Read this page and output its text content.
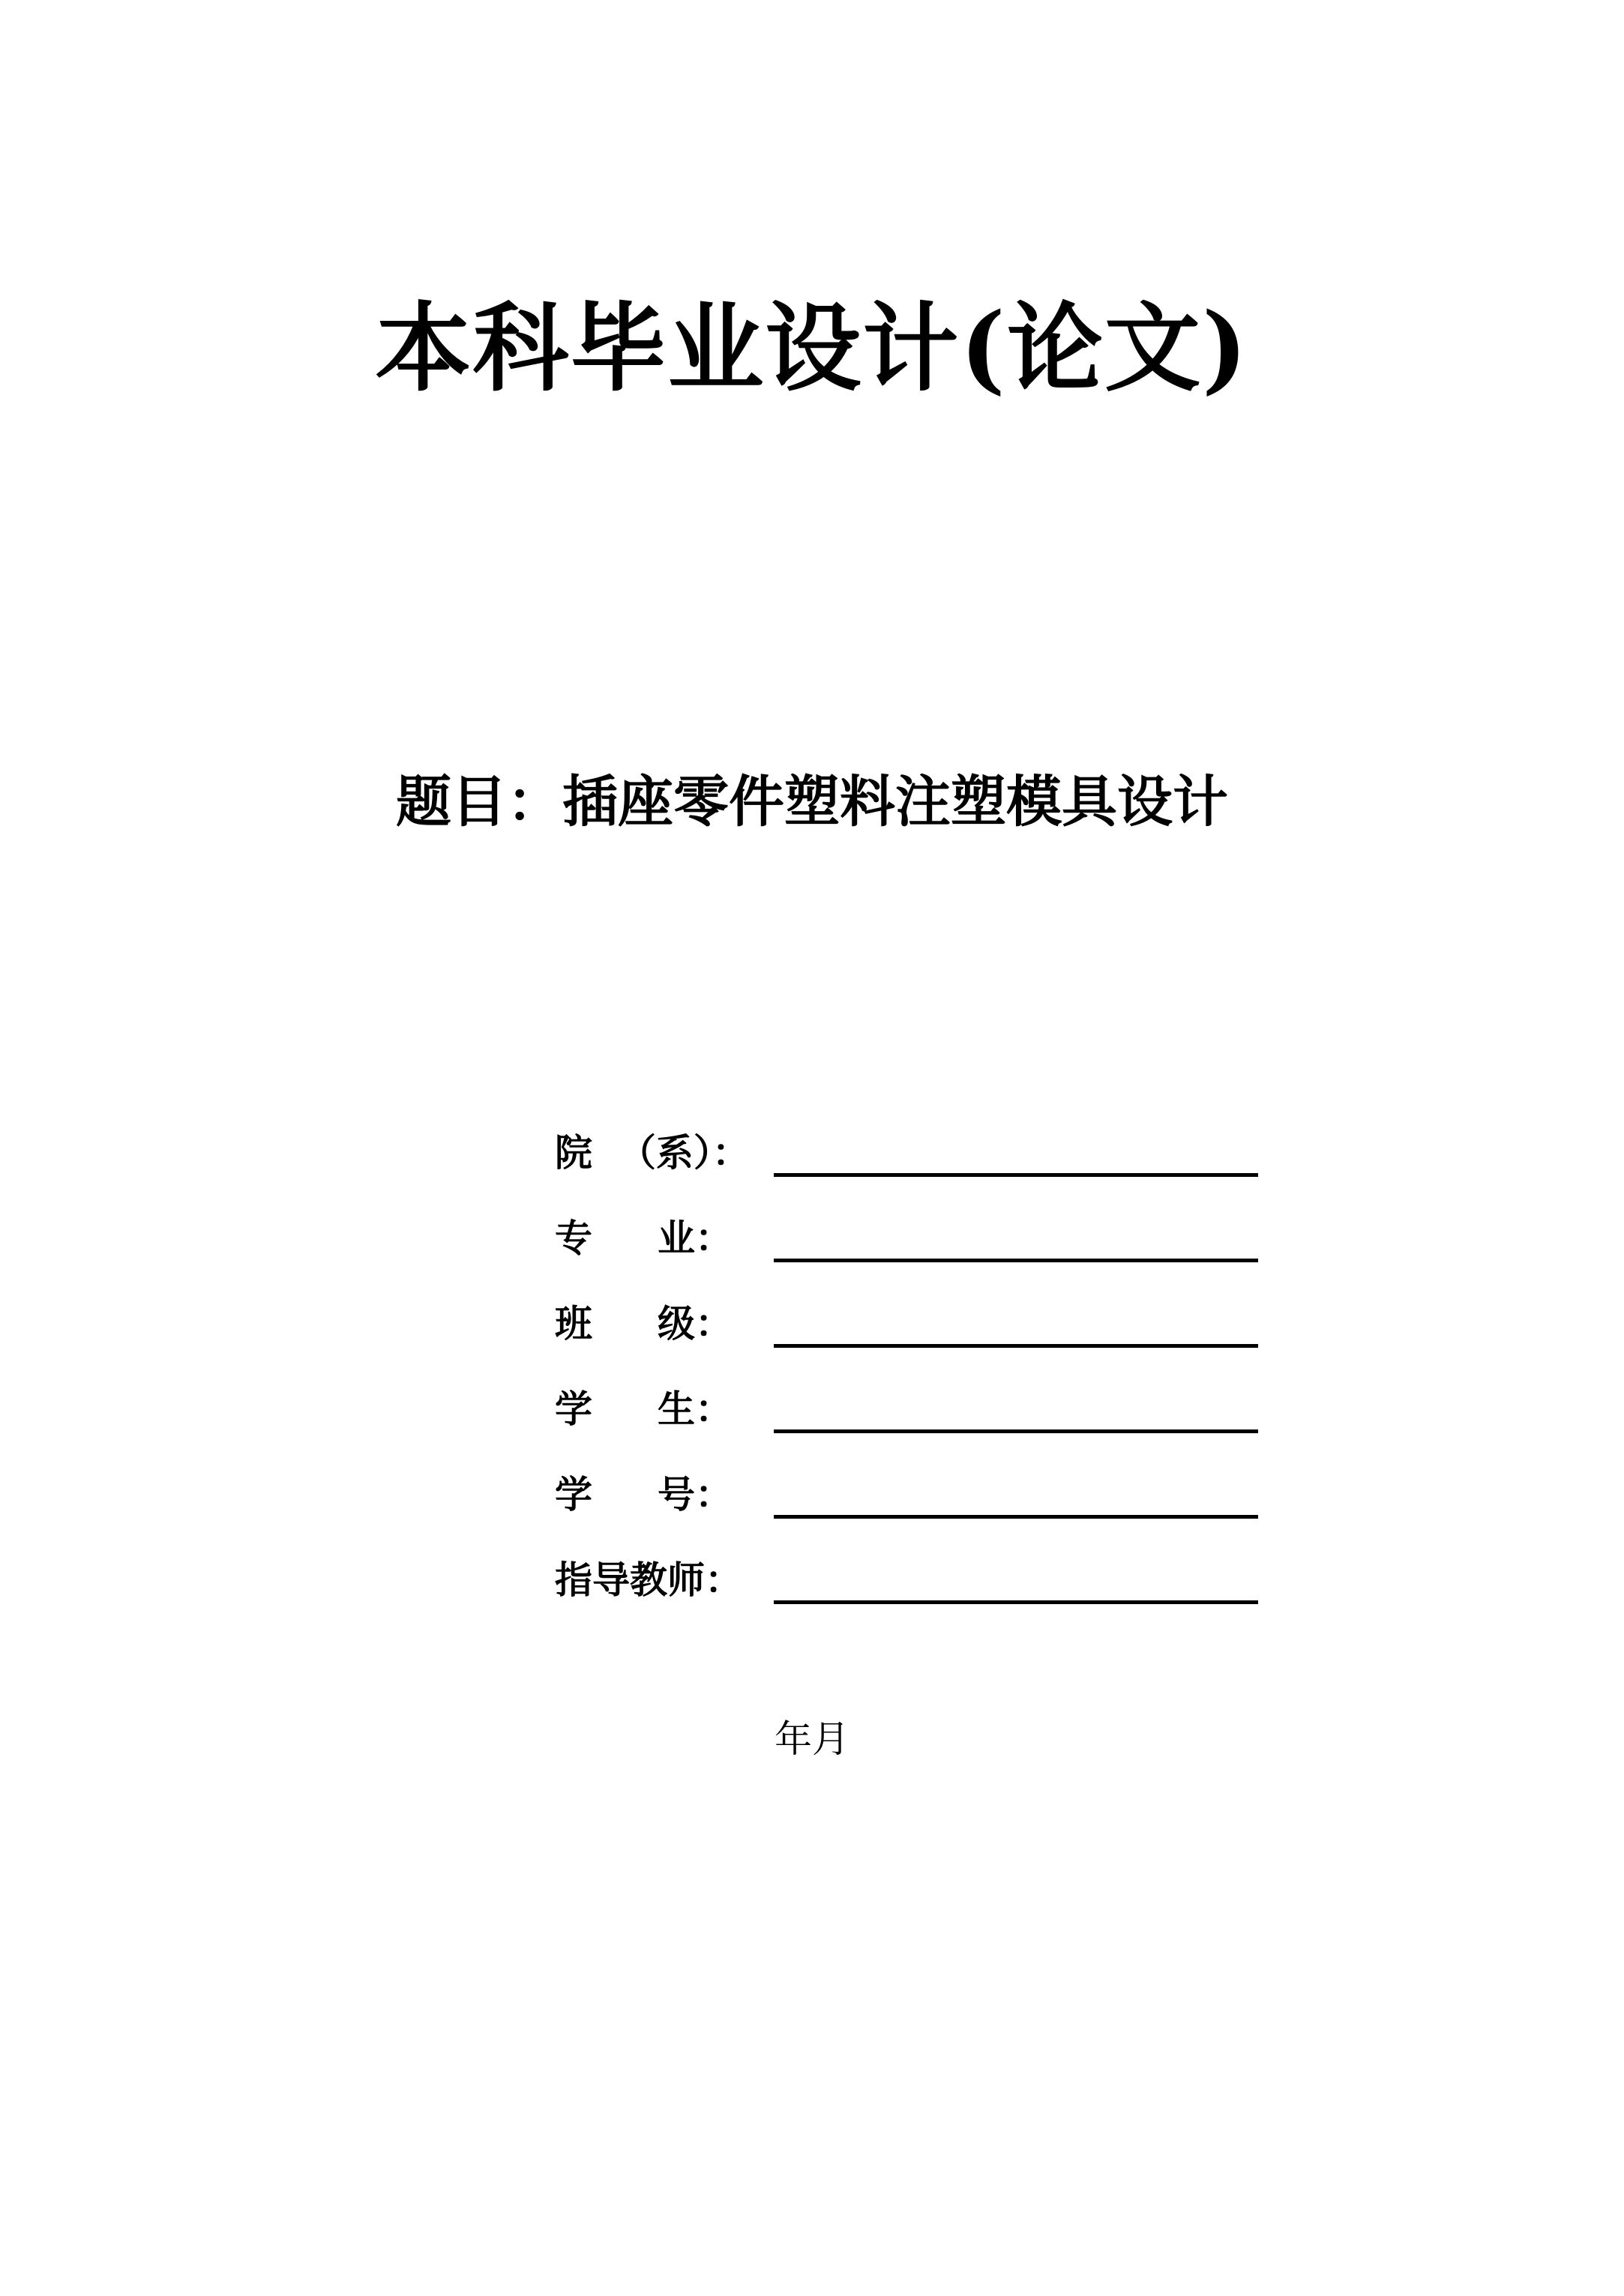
本科毕业设计(论文)
题目：插座零件塑料注塑模具设计
院  （系）：
专     业：
班     级：
学     生：
学     号：
指导教师：
年月
